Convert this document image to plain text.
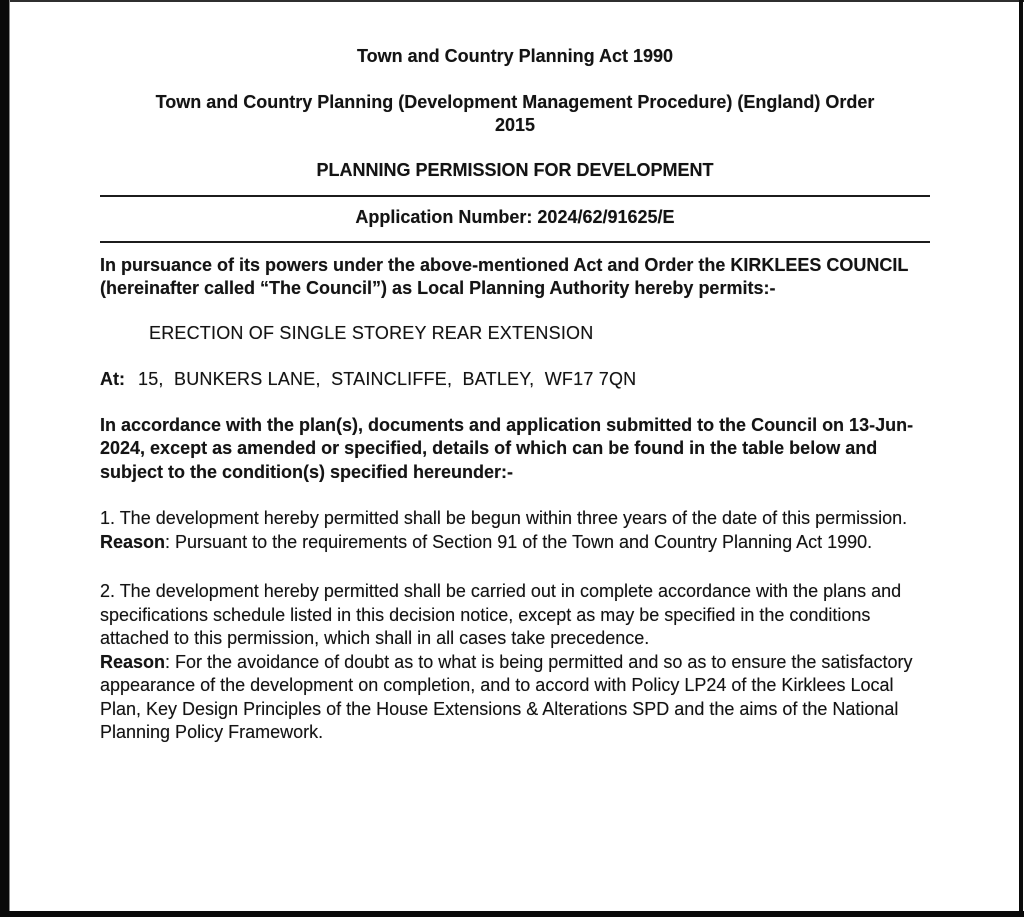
Town and Country Planning Act 1990
Town and Country Planning (Development Management Procedure) (England) Order
2015
PLANNING PERMISSION FOR DEVELOPMENT
Application Number: 2024/62/91625/E

In pursuance of its powers under the above-mentioned Act and Order the KIRKLEES COUNCIL (hereinafter called “The Council”) as Local Planning Authority hereby permits:-

ERECTION OF SINGLE STOREY REAR EXTENSION

At: 15,  BUNKERS LANE,  STAINCLIFFE,  BATLEY,  WF17 7QN

In accordance with the plan(s), documents and application submitted to the Council on 13-Jun-2024, except as amended or specified, details of which can be found in the table below and subject to the condition(s) specified hereunder:-

1. The development hereby permitted shall be begun within three years of the date of this permission.
Reason: Pursuant to the requirements of Section 91 of the Town and Country Planning Act 1990.

2. The development hereby permitted shall be carried out in complete accordance with the plans and specifications schedule listed in this decision notice, except as may be specified in the conditions attached to this permission, which shall in all cases take precedence.
Reason: For the avoidance of doubt as to what is being permitted and so as to ensure the satisfactory appearance of the development on completion, and to accord with Policy LP24 of the Kirklees Local Plan, Key Design Principles of the House Extensions & Alterations SPD and the aims of the National Planning Policy Framework.
